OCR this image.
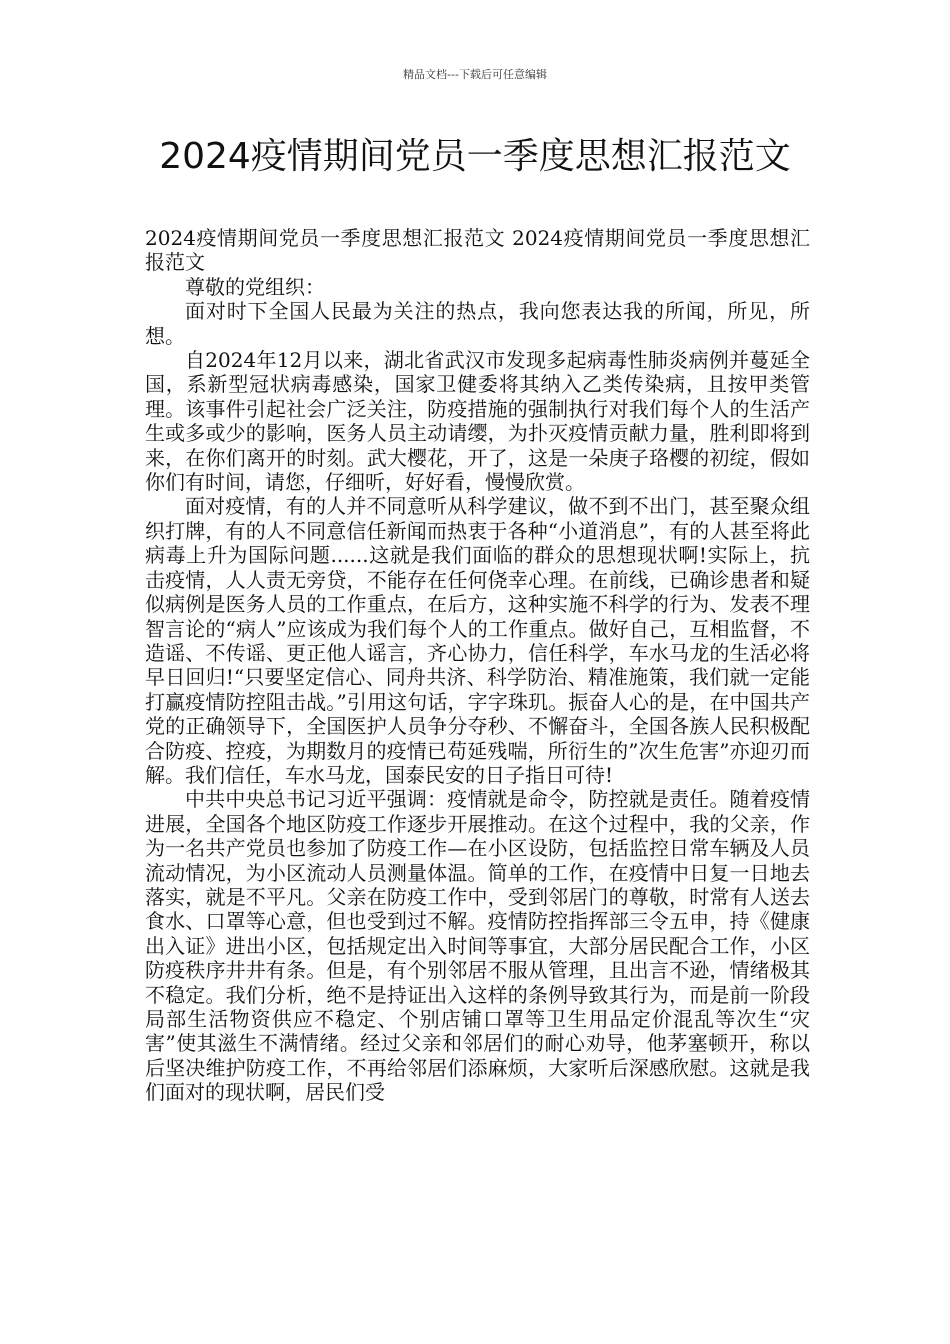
精品文档---下载后可任意编辑
2024疫情期间党员一季度思想汇报范文

2024疫情期间党员一季度思想汇报范文 2024疫情期间党员一季度思想汇报范文

尊敬的党组织：

面对时下全国人民最为关注的热点，我向您表达我的所闻，所见，所想。

自2024年12月以来，湖北省武汉市发现多起病毒性肺炎病例并蔓延全国，系新型冠状病毒感染，国家卫健委将其纳入乙类传染病，且按甲类管理。该事件引起社会广泛关注，防疫措施的强制执行对我们每个人的生活产生或多或少的影响，医务人员主动请缨，为扑灭疫情贡献力量，胜利即将到来，在你们离开的时刻。武大樱花，开了，这是一朵庚子珞樱的初绽，假如你们有时间，请您，仔细听，好好看，慢慢欣赏。

面对疫情，有的人并不同意听从科学建议，做不到不出门，甚至聚众组织打牌，有的人不同意信任新闻而热衷于各种“小道消息”，有的人甚至将此病毒上升为国际问题......这就是我们面临的群众的思想现状啊!实际上，抗击疫情，人人责无旁贷，不能存在任何侥幸心理。在前线，已确诊患者和疑似病例是医务人员的工作重点，在后方，这种实施不科学的行为、发表不理智言论的“病人”应该成为我们每个人的工作重点。做好自己，互相监督，不造谣、不传谣、更正他人谣言，齐心协力，信任科学，车水马龙的生活必将早日回归!“只要坚定信心、同舟共济、科学防治、精准施策，我们就一定能打赢疫情防控阻击战。”引用这句话，字字珠玑。振奋人心的是，在中国共产党的正确领导下，全国医护人员争分夺秒、不懈奋斗，全国各族人民积极配合防疫、控疫，为期数月的疫情已苟延残喘，所衍生的”次生危害”亦迎刃而解。我们信任，车水马龙，国泰民安的日子指日可待!

中共中央总书记习近平强调：疫情就是命令，防控就是责任。随着疫情进展，全国各个地区防疫工作逐步开展推动。在这个过程中，我的父亲，作为一名共产党员也参加了防疫工作—在小区设防，包括监控日常车辆及人员流动情况，为小区流动人员测量体温。简单的工作，在疫情中日复一日地去落实，就是不平凡。父亲在防疫工作中，受到邻居门的尊敬，时常有人送去食水、口罩等心意，但也受到过不解。疫情防控指挥部三令五申，持《健康出入证》进出小区，包括规定出入时间等事宜，大部分居民配合工作，小区防疫秩序井井有条。但是，有个别邻居不服从管理，且出言不逊，情绪极其不稳定。我们分析，绝不是持证出入这样的条例导致其行为，而是前一阶段局部生活物资供应不稳定、个别店铺口罩等卫生用品定价混乱等次生“灾害”使其滋生不满情绪。经过父亲和邻居们的耐心劝导，他茅塞顿开，称以后坚决维护防疫工作，不再给邻居们添麻烦，大家听后深感欣慰。这就是我们面对的现状啊，居民们受
